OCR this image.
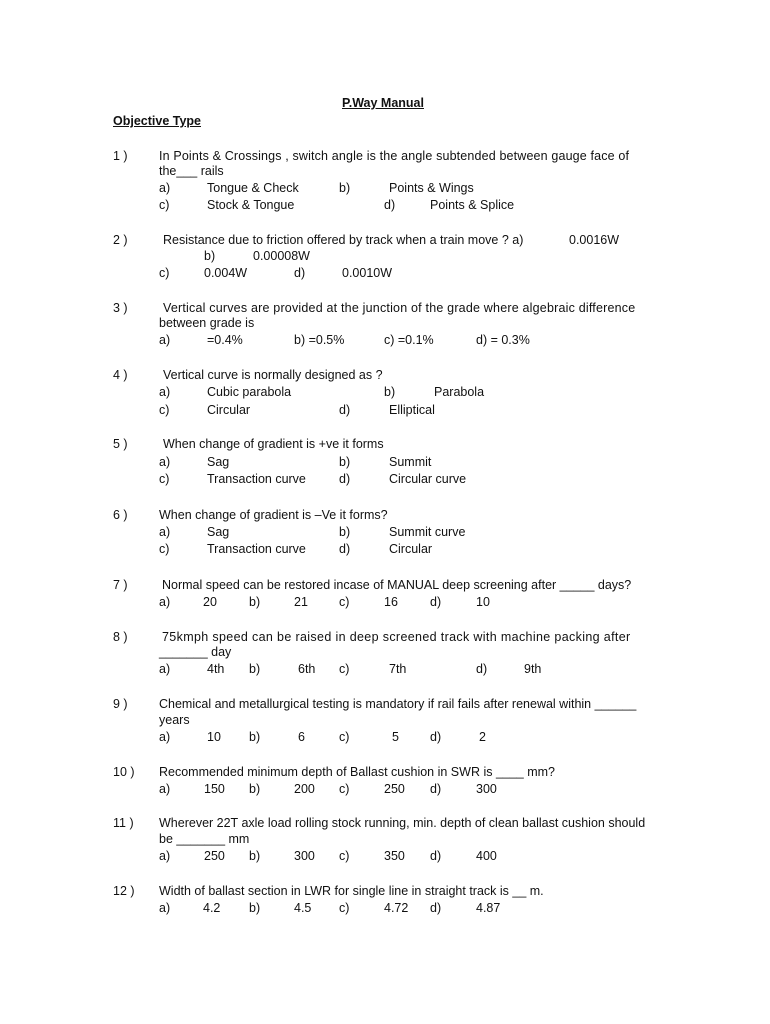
P.Way Manual
Objective Type
1 )	In Points & Crossings , switch angle is the angle subtended between gauge face of
the___ rails
a)	Tongue & Check	b)	Points & Wings
c)	Stock & Tongue	d)	Points & Splice
2 )	Resistance due to friction offered by track when a train move ? a)	0.0016W
b)	0.00008W
c)	0.004W	d)	0.0010W
3 )	Vertical curves are provided at the junction of the grade where algebraic difference
between grade is
a)	=0.4%	b) =0.5%	c) =0.1%	d) = 0.3%
4 )	Vertical curve is normally designed as ?
a)	Cubic parabola	b)	Parabola
c)	Circular	d)	Elliptical
5 )	When change of gradient is +ve it forms
a)	Sag	b)	Summit
c)	Transaction curve	d)	Circular curve
6 )	When change of gradient is –Ve it forms?
a)	Sag	b)	Summit curve
c)	Transaction curve	d)	Circular
7 )	Normal speed can be restored incase of MANUAL deep screening after _____ days?
a)	20	b)	21 c)	16	d)	10
8 )	75kmph speed can be raised in deep screened track with machine packing after
_______ day
a)	4th b)	6th c)	7th	d)	9th
9 )	Chemical and metallurgical testing is mandatory if rail fails after renewal within ______
years
a)	10 b)	6	c)	5 d)	2
10 ) Recommended minimum depth of Ballast cushion in SWR is ____ mm?
a)	150 b)	200 c)	250 d)	300
11 ) Wherever 22T axle load rolling stock running, min. depth of clean ballast cushion should
be _______ mm
a)	250 b)	300 c)	350 d)	400
12 ) Width of ballast section in LWR for single line in straight track is __ m.
a)	4.2 b)	4.5 c)	4.72 d)	4.87
